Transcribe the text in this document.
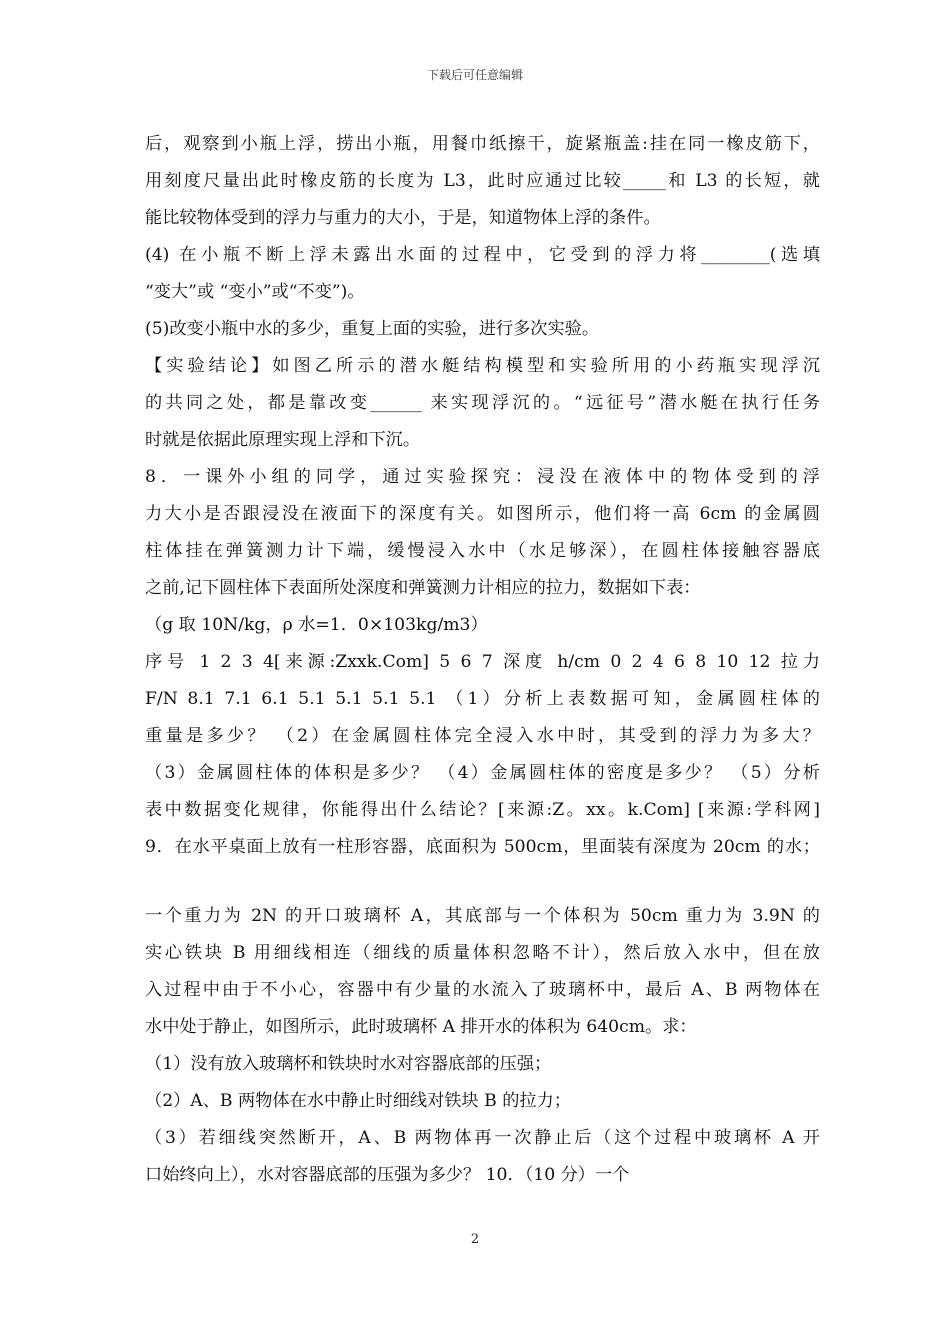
下载后可任意编辑
后，观察到小瓶上浮，捞出小瓶，用餐巾纸擦干，旋紧瓶盖:挂在同一橡皮筋下，
用刻度尺量出此时橡皮筋的长度为 L3，此时应通过比较_____和 L3 的长短，就
能比较物体受到的浮力与重力的大小，于是，知道物体上浮的条件。
(4) 在小瓶不断上浮未露出水面的过程中，它受到的浮力将________(选填
“变大”或 “变小”或“不变”)。
(5)改变小瓶中水的多少，重复上面的实验，进行多次实验。
【实验结论】如图乙所示的潜水艇结构模型和实验所用的小药瓶实现浮沉
的共同之处，都是靠改变______ 来实现浮沉的。“远征号”潜水艇在执行任务
时就是依据此原理实现上浮和下沉。
8．一课外小组的同学，通过实验探究：浸没在液体中的物体受到的浮
力大小是否跟浸没在液面下的深度有关。如图所示，他们将一高 6cm 的金属圆
柱体挂在弹簧测力计下端，缓慢浸入水中（水足够深），在圆柱体接触容器底
之前,记下圆柱体下表面所处深度和弹簧测力计相应的拉力，数据如下表：
（g 取 10N/kg，ρ 水=1．0×103kg/m3）
序号 1 2 3 4[来源:Zxxk.Com] 5 6 7 深度 h/cm 0 2 4 6 8 10 12 拉力
F/N 8.1 7.1 6.1 5.1 5.1 5.1 5.1 （1）分析上表数据可知，金属圆柱体的
重量是多少？ （2）在金属圆柱体完全浸入水中时，其受到的浮力为多大？
（3）金属圆柱体的体积是多少？ （4）金属圆柱体的密度是多少？ （5）分析
表中数据变化规律，你能得出什么结论？[来源:Z。xx。k.Com] [来源:学科网]
9．在水平桌面上放有一柱形容器，底面积为 500cm，里面装有深度为 20cm 的水；
一个重力为 2N 的开口玻璃杯 A，其底部与一个体积为 50cm 重力为 3.9N 的
实心铁块 B 用细线相连（细线的质量体积忽略不计），然后放入水中，但在放
入过程中由于不小心，容器中有少量的水流入了玻璃杯中，最后 A、B 两物体在
水中处于静止，如图所示，此时玻璃杯 A 排开水的体积为 640cm。求：
（1）没有放入玻璃杯和铁块时水对容器底部的压强；
（2）A、B 两物体在水中静止时细线对铁块 B 的拉力；
（3）若细线突然断开，A、B 两物体再一次静止后（这个过程中玻璃杯 A 开
口始终向上），水对容器底部的压强为多少？ 10．（10 分）一个
2
